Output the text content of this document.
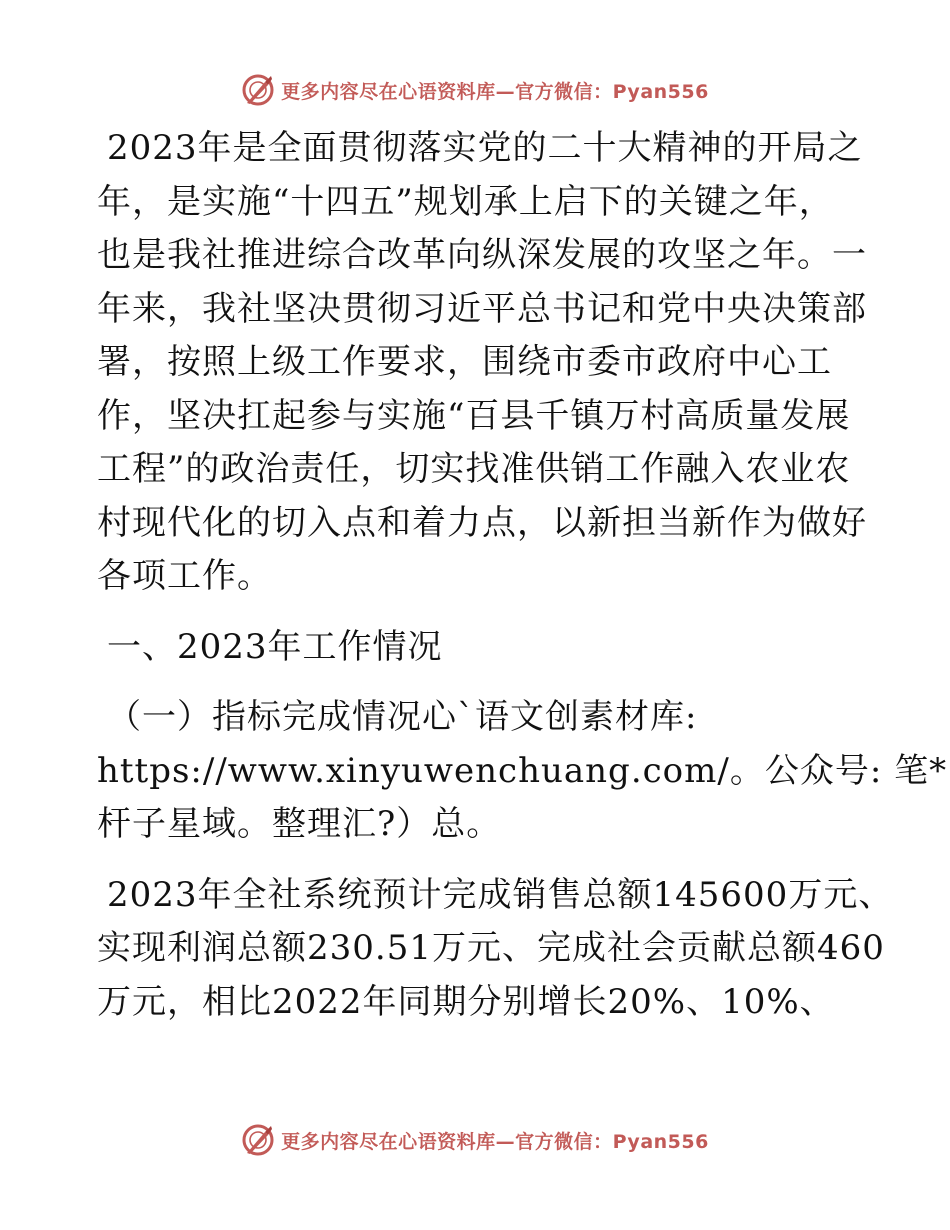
更多内容尽在心语资料库—官方微信：Pyan556

2023年是全面贯彻落实党的二十大精神的开局之
年，是实施“十四五”规划承上启下的关键之年，
也是我社推进综合改革向纵深发展的攻坚之年。一
年来，我社坚决贯彻习近平总书记和党中央决策部
署，按照上级工作要求，围绕市委市政府中心工
作，坚决扛起参与实施“百县千镇万村高质量发展
工程”的政治责任，切实找准供销工作融入农业农
村现代化的切入点和着力点，以新担当新作为做好
各项工作。

一、2023年工作情况

（一）指标完成情况心`语文创素材库:
https://www.xinyuwenchuang.com/。公众号: 笔*
杆子星域。整理汇?）总。

2023年全社系统预计完成销售总额145600万元、
实现利润总额230.51万元、完成社会贡献总额460
万元，相比2022年同期分别增长20%、10%、

更多内容尽在心语资料库—官方微信：Pyan556
